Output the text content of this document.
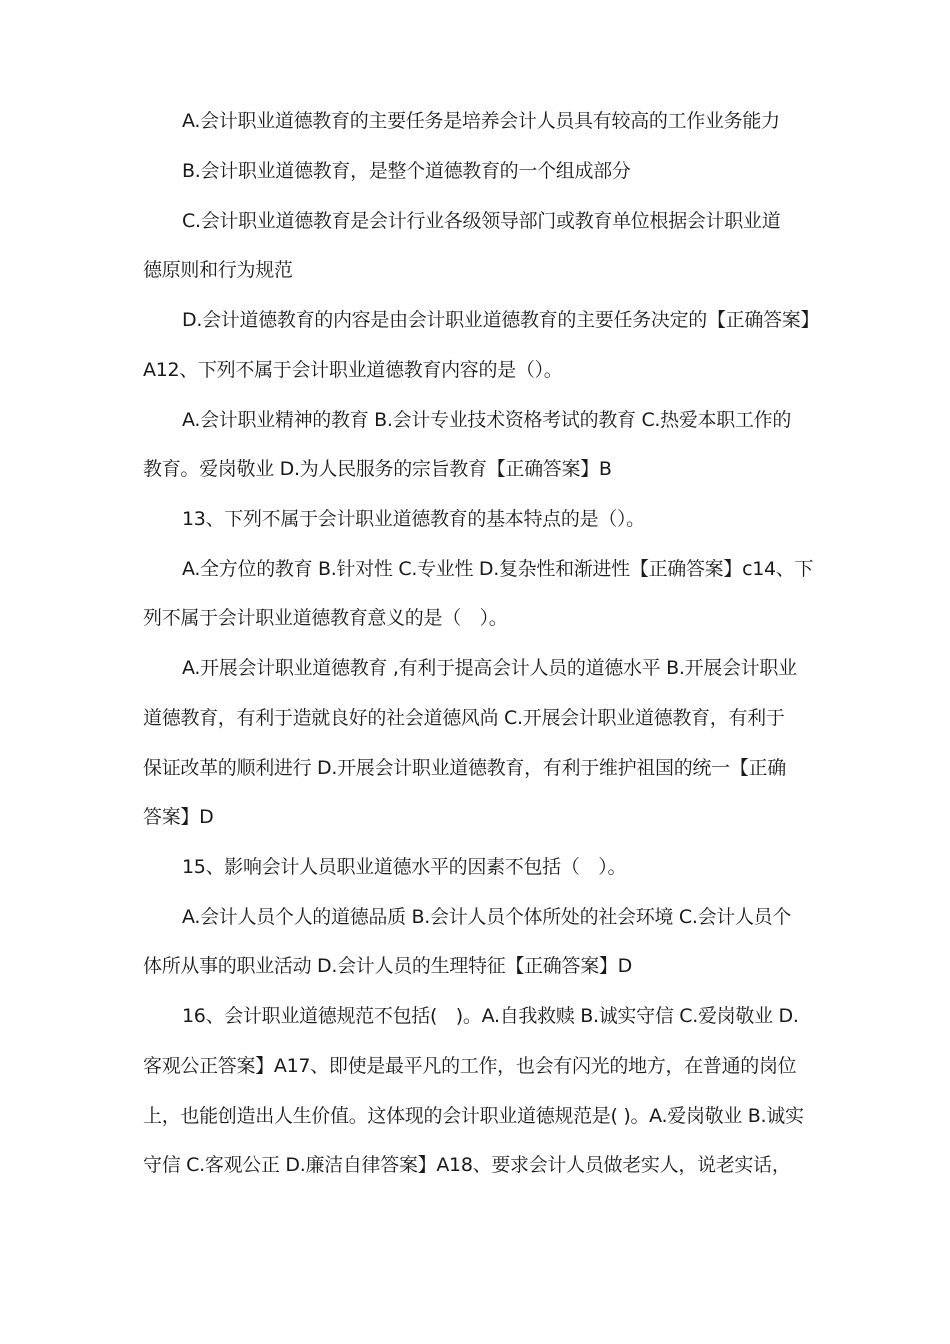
A.会计职业道德教育的主要任务是培养会计人员具有较高的工作业务能力
B.会计职业道德教育，是整个道德教育的一个组成部分
C.会计职业道德教育是会计行业各级领导部门或教育单位根据会计职业道
德原则和行为规范
D.会计道德教育的内容是由会计职业道德教育的主要任务决定的【正确答案】
A12、下列不属于会计职业道德教育内容的是（）。
A.会计职业精神的教育 B.会计专业技术资格考试的教育 C.热爱本职工作的
教育。爱岗敬业 D.为人民服务的宗旨教育【正确答案】B
13、下列不属于会计职业道德教育的基本特点的是（）。
A.全方位的教育 B.针对性 C.专业性 D.复杂性和渐进性【正确答案】c14、下
列不属于会计职业道德教育意义的是（　）。
A.开展会计职业道德教育 ,有利于提高会计人员的道德水平 B.开展会计职业
道德教育，有利于造就良好的社会道德风尚 C.开展会计职业道德教育，有利于
保证改革的顺利进行 D.开展会计职业道德教育，有利于维护祖国的统一【正确
答案】D
15、影响会计人员职业道德水平的因素不包括（　）。
A.会计人员个人的道德品质 B.会计人员个体所处的社会环境 C.会计人员个
体所从事的职业活动 D.会计人员的生理特征【正确答案】D
16、会计职业道德规范不包括(　)。A.自我救赎 B.诚实守信 C.爱岗敬业 D.
客观公正答案】A17、即使是最平凡的工作，也会有闪光的地方，在普通的岗位
上，也能创造出人生价值。这体现的会计职业道德规范是( )。A.爱岗敬业 B.诚实
守信 C.客观公正 D.廉洁自律答案】A18、要求会计人员做老实人，说老实话，
